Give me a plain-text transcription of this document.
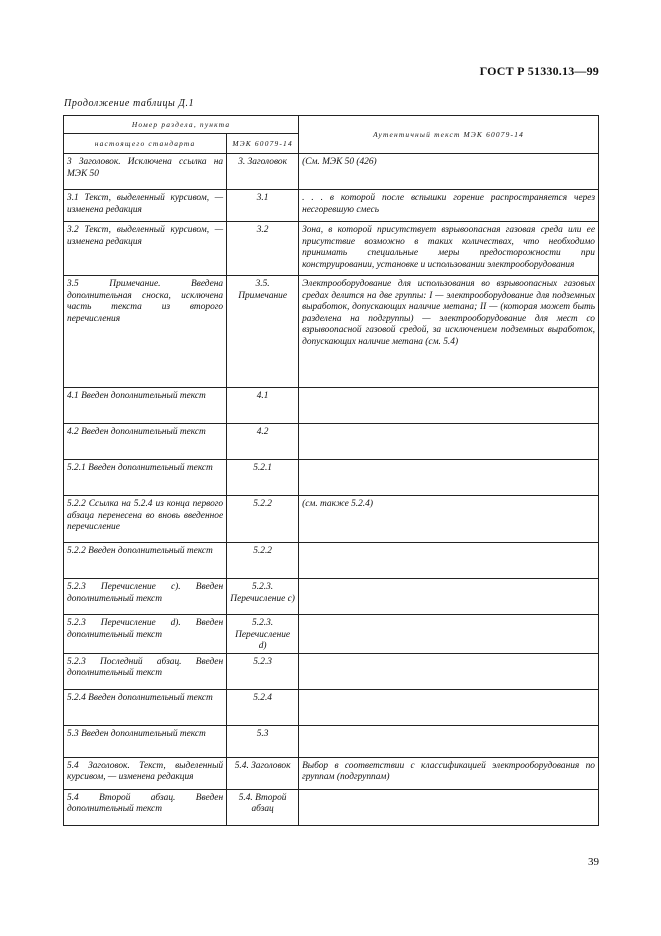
ГОСТ Р 51330.13—99
Продолжение таблицы Д.1
Номер раздела, пункта		Аутентичный текст МЭК 60079-14
настоящего стандарта	МЭК 60079-14	
3 Заголовок. Исключена ссылка на МЭК 50	3. Заголовок	(См. МЭК 50 (426)
3.1 Текст, выделенный курсивом, — изменена редакция	3.1	. . . в которой после вспышки горение распространяется через несгоревшую смесь
3.2 Текст, выделенный курсивом, — изменена редакция	3.2	Зона, в которой присутствует взрывоопасная газовая среда или ее присутствие возможно в таких количествах, что необходимо принимать специальные меры предосторожности при конструировании, установке и использовании электрооборудования
3.5 Примечание. Введена дополнительная сноска, исключена часть текста из второго перечисления	3.5. Примечание	Электрооборудование для использования во взрывоопасных газовых средах делится на две группы: I — электрооборудование для подземных выработок, допускающих наличие метана; II — (которая может быть разделена на подгруппы) — электрооборудование для мест со взрывоопасной газовой средой, за исключением подземных выработок, допускающих наличие метана (см. 5.4)
4.1 Введен дополнительный текст	4.1	
4.2 Введен дополнительный текст	4.2	
5.2.1 Введен дополнительный текст	5.2.1	
5.2.2 Ссылка на 5.2.4 из конца первого абзаца перенесена во вновь введенное перечисление	5.2.2	(см. также 5.2.4)
5.2.2 Введен дополнительный текст	5.2.2	
5.2.3 Перечисление с). Введен дополнительный текст	5.2.3. Перечисление с)	
5.2.3 Перечисление d). Введен дополнительный текст	5.2.3. Перечисление d)	
5.2.3 Последний абзац. Введен дополнительный текст	5.2.3	
5.2.4 Введен дополнительный текст	5.2.4	
5.3 Введен дополнительный текст	5.3	
5.4 Заголовок. Текст, выделенный курсивом, — изменена редакция	5.4. Заголовок	Выбор в соответствии с классификацией электрооборудования по группам (подгруппам)
5.4 Второй абзац. Введен дополнительный текст	5.4. Второй абзац	
39
